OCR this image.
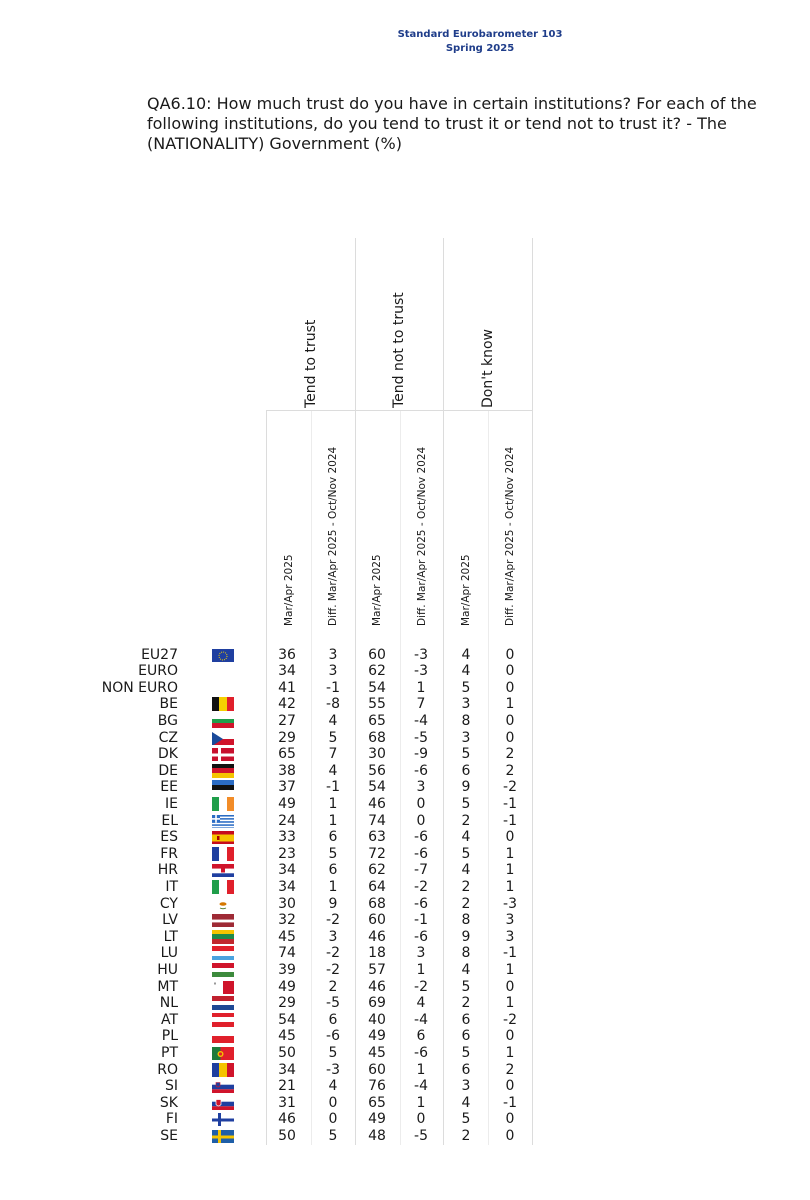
Standard Eurobarometer 103
Spring 2025
QA6.10: How much trust do you have in certain institutions? For each of the following institutions, do you tend to trust it or tend not to trust it? - The (NATIONALITY) Government (%)
Tend to trust	Tend not to trust	Don't know
Mar/Apr 2025	Diff. Mar/Apr 2025 - Oct/Nov 2024	Mar/Apr 2025	Diff. Mar/Apr 2025 - Oct/Nov 2024	Mar/Apr 2025	Diff. Mar/Apr 2025 - Oct/Nov 2024
EU27	36	3	60	-3	4	0
EURO	34	3	62	-3	4	0
NON EURO	41	-1	54	1	5	0
BE	42	-8	55	7	3	1
BG	27	4	65	-4	8	0
CZ	29	5	68	-5	3	0
DK	65	7	30	-9	5	2
DE	38	4	56	-6	6	2
EE	37	-1	54	3	9	-2
IE	49	1	46	0	5	-1
EL	24	1	74	0	2	-1
ES	33	6	63	-6	4	0
FR	23	5	72	-6	5	1
HR	34	6	62	-7	4	1
IT	34	1	64	-2	2	1
CY	30	9	68	-6	2	-3
LV	32	-2	60	-1	8	3
LT	45	3	46	-6	9	3
LU	74	-2	18	3	8	-1
HU	39	-2	57	1	4	1
MT	49	2	46	-2	5	0
NL	29	-5	69	4	2	1
AT	54	6	40	-4	6	-2
PL	45	-6	49	6	6	0
PT	50	5	45	-6	5	1
RO	34	-3	60	1	6	2
SI	21	4	76	-4	3	0
SK	31	0	65	1	4	-1
FI	46	0	49	0	5	0
SE	50	5	48	-5	2	0
